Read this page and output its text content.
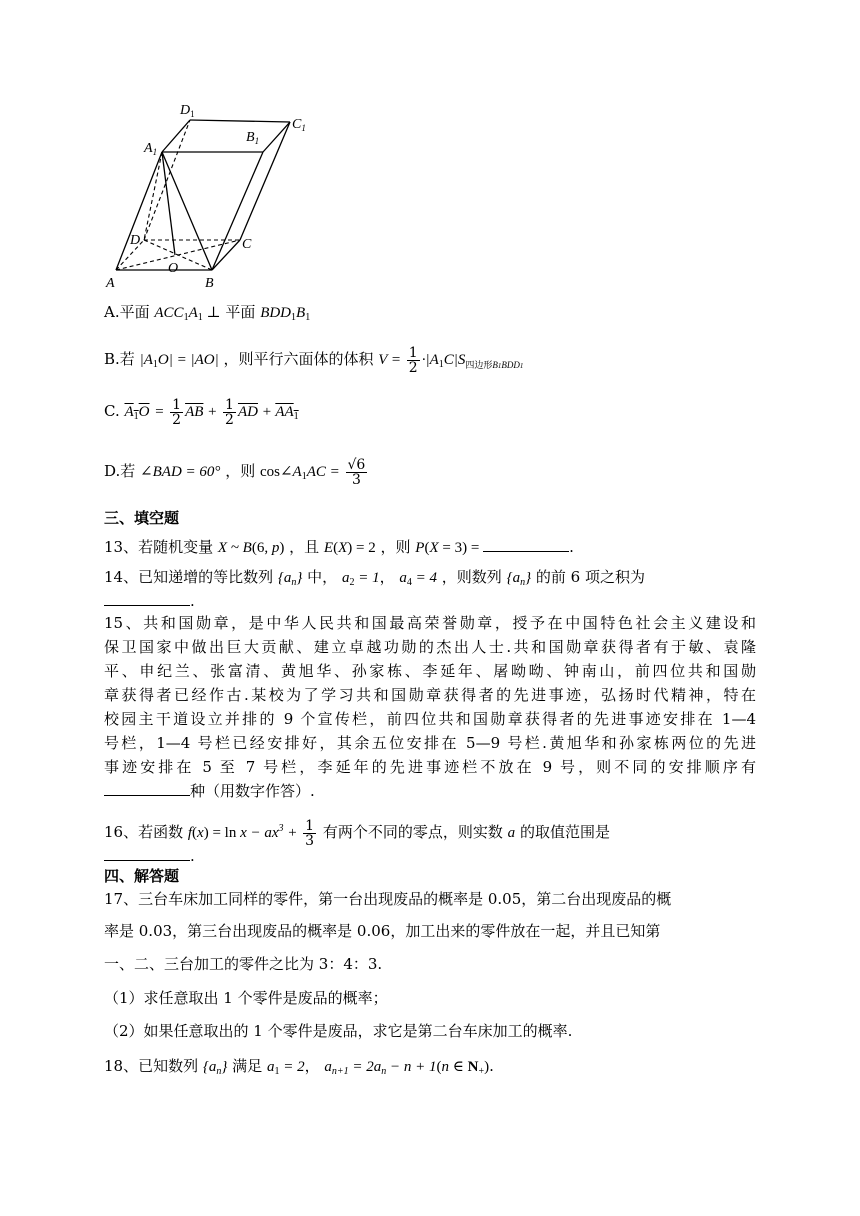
$D_1$
$C_1$
$A_1$
$B_1$
D	C
O
A	B
A.平面 $ACC_1A_1$ ⊥ 平面 $BDD_1B_1$
B.若 $|A_1O| = |AO|$ ，则平行六面体的体积 $V = \frac{1}{2} \cdot|A_1C|S_{四边形B1BDD1}$
C. $A_1O = \frac{1}{2} \overline{AB} + \frac{1}{2} \overline{AD} + AA_1$
D.若 ∠BAD = 60° ，则 $\cos\angle A_1AC = \frac{√6}{3}$
三、填空题
13、若随机变量 X ~ B(6, p) ，且 E(X) = 2 ，则 P(X = 3) =	.
14、已知递增的等比数列 $\{a_n\}$ 中， $a_2 = 1$， $a_4 = 4$ ，则数列 $\{a_n\}$ 的前 6 项之积为
.
15、共和国勋章，是中华人民共和国最高荣誉勋章，授予在中国特色社会主义建设和
保卫国家中做出巨大贡献、建立卓越功勋的杰出人士.共和国勋章获得者有于敏、袁隆
平、申纪兰、张富清、黄旭华、孙家栋、李延年、屠呦呦、钟南山，前四位共和国勋
章获得者已经作古.某校为了学习共和国勋章获得者的先进事迹，弘扬时代精神，特在
校园主干道设立并排的 9 个宣传栏，前四位共和国勋章获得者的先进事迹安排在 1—4
号栏，1—4 号栏已经安排好，其余五位安排在 5—9 号栏.黄旭华和孙家栋两位的先进
事迹安排在 5 至 7 号栏，李延年的先进事迹栏不放在 9 号，则不同的安排顺序有
种（用数字作答）.
16、若函数 $f(x) = \ln x - ax^3 + \frac{1}{3}$ 有两个不同的零点，则实数 a 的取值范围是
.
四、解答题
17、三台车床加工同样的零件，第一台出现废品的概率是 0.05，第二台出现废品的概
率是 0.03，第三台出现废品的概率是 0.06，加工出来的零件放在一起，并且已知第
一、二、三台加工的零件之比为 3：4：3.
（1）求任意取出 1 个零件是废品的概率；
（2）如果任意取出的 1 个零件是废品，求它是第二台车床加工的概率.
18、已知数列 $\{a_n\}$ 满足 $a_1 = 2$， $a_{n+1} = 2a_n - n + 1(n$ ∈ $N_+$).
